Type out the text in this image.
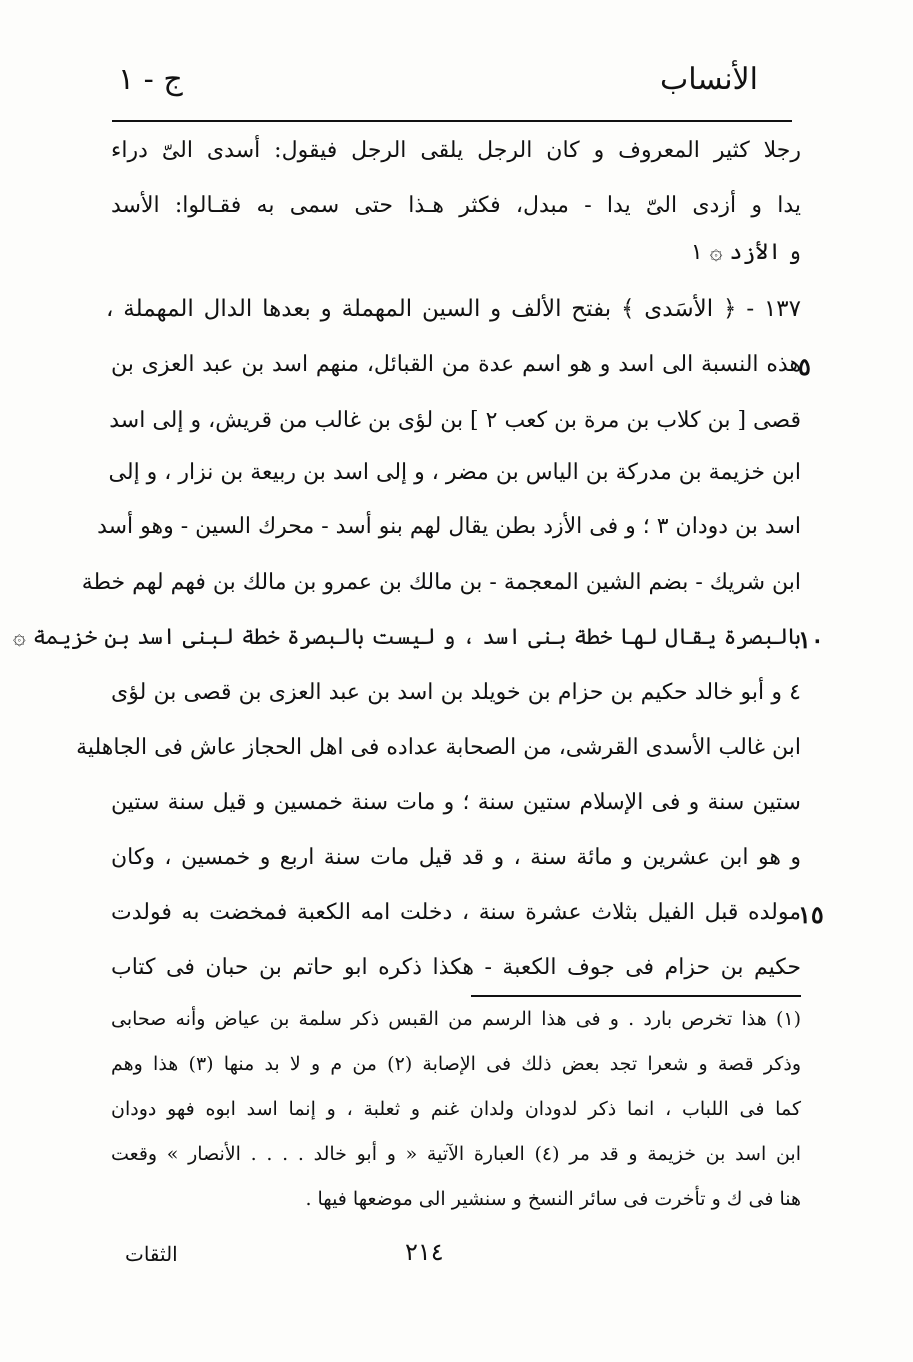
الأنساب
ج - ١
رجلا كثير المعروف و كان الرجل يلقى الرجل فيقول: أسدى الىّ دراء
يدا و أزدى الىّ يدا - مبدل، فكثر هـذا حتى سمى به فقـالوا: الأسد
و الأزد ۞ ١
١٣٧ - ﴿ الأسَدى ﴾ بفتح الألف و السين المهملة و بعدها الدال المهملة ،
هذه النسبة الى اسد و هو اسم عدة من القبائل، منهم اسد بن عبد العزى بن
٥
قصى [ بن كلاب بن مرة بن كعب ٢ ] بن لؤى بن غالب من قريش، و إلى اسد
ابن خزيمة بن مدركة بن الياس بن مضر ، و إلى اسد بن ربيعة بن نزار ، و إلى
اسد بن دودان ٣ ؛ و فى الأزد بطن يقال لهم بنو أسد - محرك السين - وهو أسد
ابن شريك - بضم الشين المعجمة - بن مالك بن عمرو بن مالك بن فهم لهم خطة
بالبصرة يقال لها خطة بنى اسد ، و ليست بالبصرة خطة لبنى اسد بن خزيمة ۞
١٠
٤ و أبو خالد حكيم بن حزام بن خويلد بن اسد بن عبد العزى بن قصى بن لؤى
ابن غالب الأسدى القرشى، من الصحابة عداده فى اهل الحجاز عاش فى الجاهلية
ستين سنة و فى الإسلام ستين سنة ؛ و مات سنة خمسين و قيل سنة ستين
و هو ابن عشرين و مائة سنة ، و قد قيل مات سنة اربع و خمسين ، وكان
مولده قبل الفيل بثلاث عشرة سنة ، دخلت امه الكعبة فمخضت به فولدت
١٥
حكيم بن حزام فى جوف الكعبة - هكذا ذكره ابو حاتم بن حبان فى كتاب
(١) هذا تخرص بارد . و فى هذا الرسم من القبس ذكر سلمة بن عياض وأنه صحابى
وذكر قصة و شعرا تجد بعض ذلك فى الإصابة (٢) من م و لا بد منها (٣) هذا وهم
كما فى اللباب ، انما ذكر لدودان ولدان غنم و ثعلبة ، و إنما اسد ابوه فهو دودان
ابن اسد بن خزيمة و قد مر (٤) العبارة الآتية « و أبو خالد . . . . الأنصار » وقعت
هنا فى ك و تأخرت فى سائر النسخ و سنشير الى موضعها فيها .
٢١٤
الثقات
